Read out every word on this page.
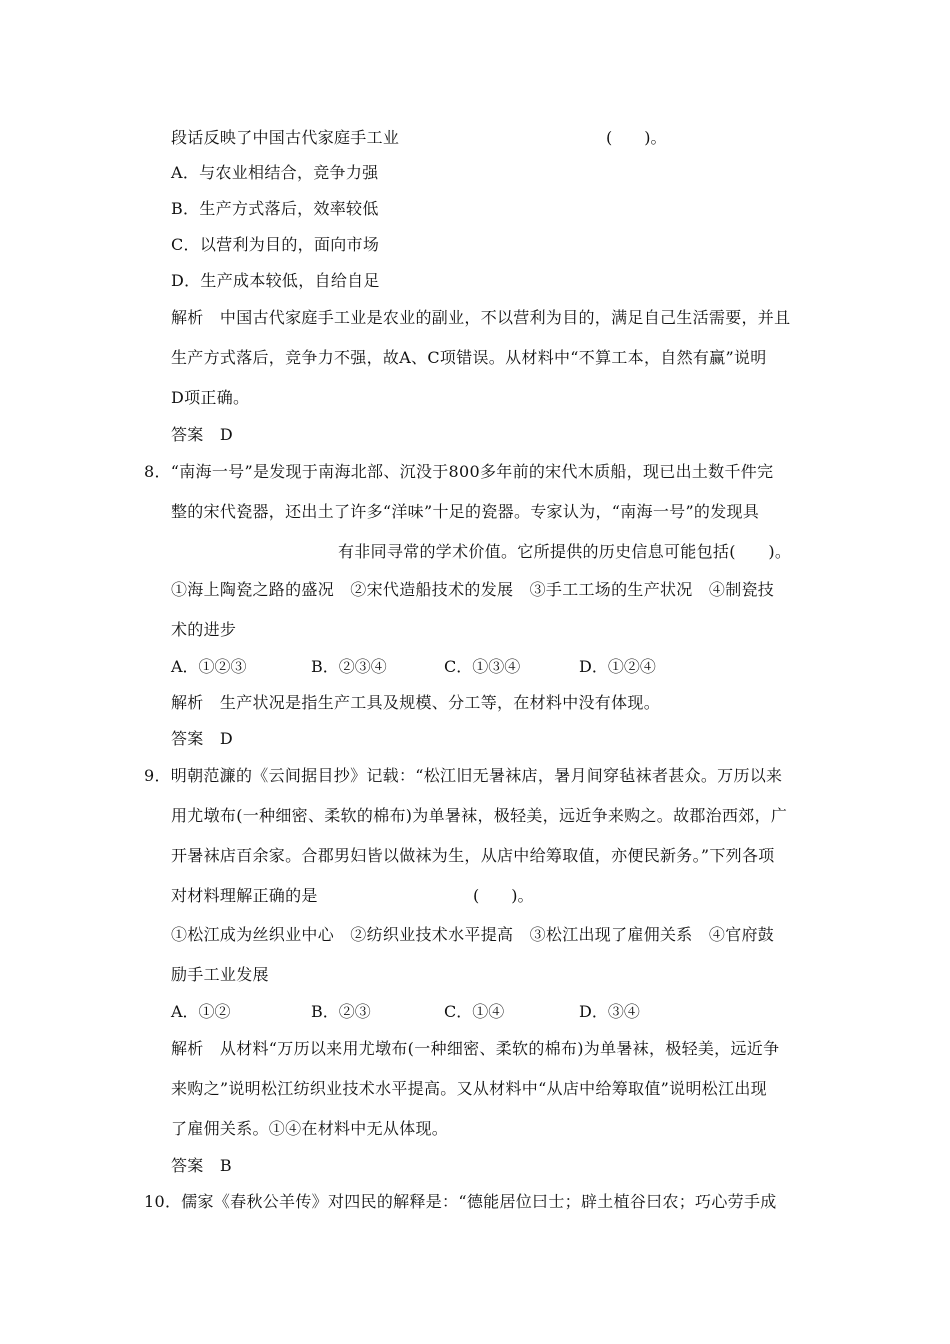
段话反映了中国古代家庭手工业	(　　)。
A．与农业相结合，竞争力强
B．生产方式落后，效率较低
C．以营利为目的，面向市场
D．生产成本较低，自给自足
解析　中国古代家庭手工业是农业的副业，不以营利为目的，满足自己生活需要，并且
生产方式落后，竞争力不强，故A、C项错误。从材料中“不算工本，自然有赢”说明
D项正确。
答案　D
8．“南海一号”是发现于南海北部、沉没于800多年前的宋代木质船，现已出土数千件完
整的宋代瓷器，还出土了许多“洋味”十足的瓷器。专家认为，“南海一号”的发现具
有非同寻常的学术价值。它所提供的历史信息可能包括(　　)。
①海上陶瓷之路的盛况　②宋代造船技术的发展　③手工工场的生产状况　④制瓷技
术的进步
A．①②③	B．②③④	C．①③④	D．①②④
解析　生产状况是指生产工具及规模、分工等，在材料中没有体现。
答案　D
9．明朝范濂的《云间据目抄》记载：“松江旧无暑袜店，暑月间穿毡袜者甚众。万历以来
用尤墩布(一种细密、柔软的棉布)为单暑袜，极轻美，远近争来购之。故郡治西郊，广
开暑袜店百余家。合郡男妇皆以做袜为生，从店中给筹取值，亦便民新务。”下列各项
对材料理解正确的是	(　　)。
①松江成为丝织业中心　②纺织业技术水平提高　③松江出现了雇佣关系　④官府鼓
励手工业发展
A．①②	B．②③	C．①④	D．③④
解析　从材料“万历以来用尤墩布(一种细密、柔软的棉布)为单暑袜，极轻美，远近争
来购之”说明松江纺织业技术水平提高。又从材料中“从店中给筹取值”说明松江出现
了雇佣关系。①④在材料中无从体现。
答案　B
10．儒家《春秋公羊传》对四民的解释是：“德能居位曰士；辟土植谷曰农；巧心劳手成
